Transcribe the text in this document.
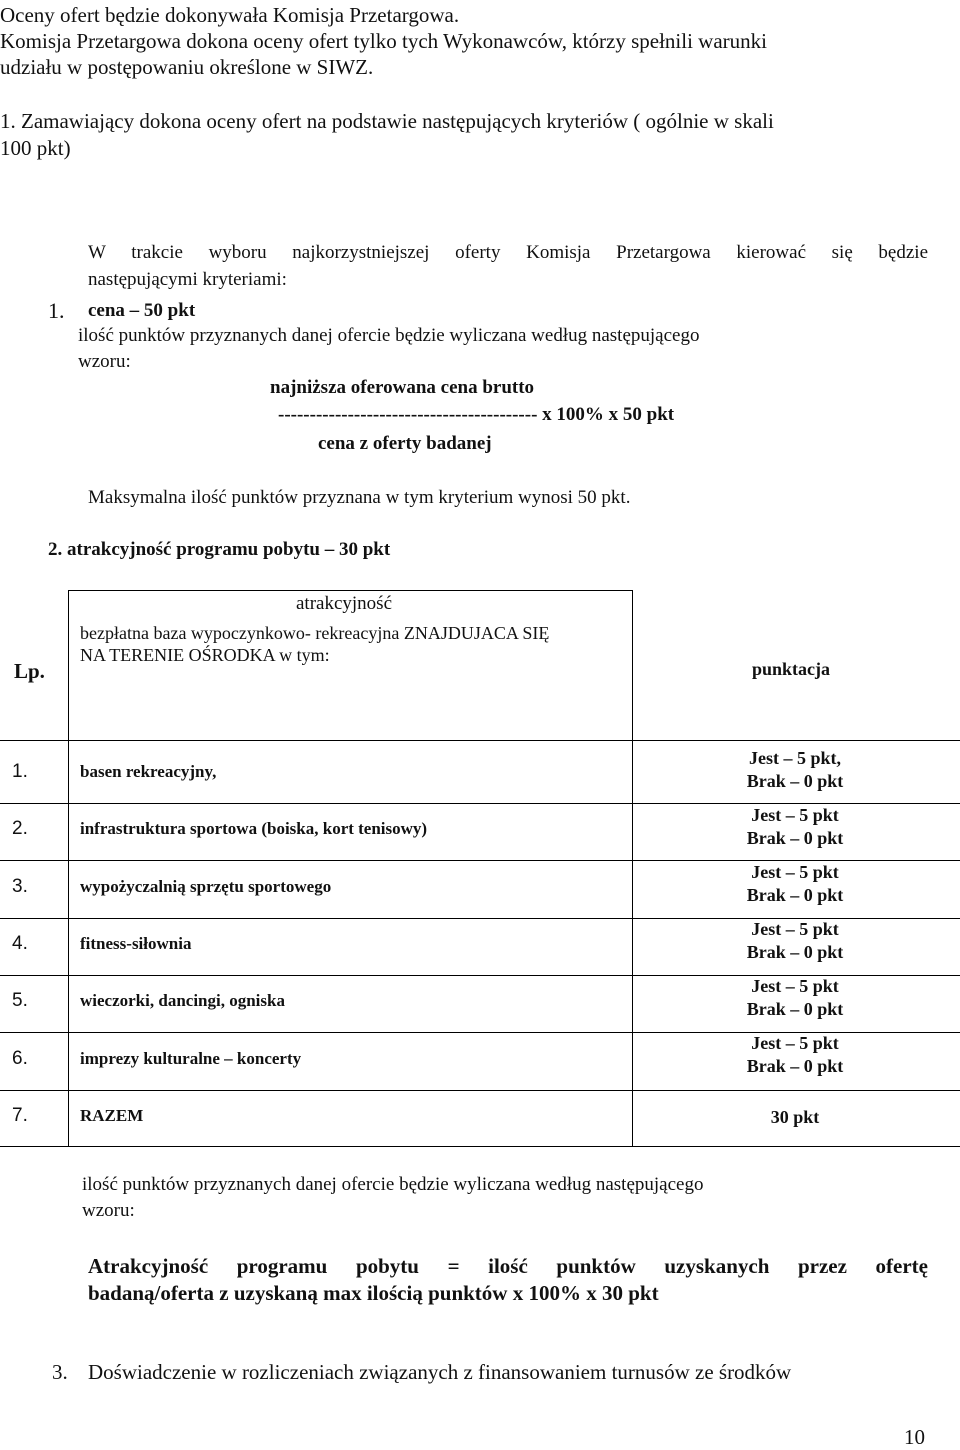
Oceny ofert będzie dokonywała Komisja Przetargowa.

Komisja Przetargowa dokona oceny ofert tylko tych Wykonawców, którzy spełnili warunki

udziału w postępowaniu określone w SIWZ.

1. Zamawiający dokona oceny ofert na podstawie następujących kryteriów ( ogólnie w skali

100 pkt)

W trakcie wyboru najkorzystniejszej oferty Komisja Przetargowa kierować się będzie

następującymi kryteriami:

1. cena – 50 pkt

ilość punktów przyznanych danej ofercie będzie wyliczana według następującego

wzoru:

najniższa oferowana cena brutto

----------------------------------------- x 100% x 50 pkt

cena z oferty badanej

Maksymalna ilość punktów przyznana w tym kryterium wynosi 50 pkt.

2. atrakcyjność programu pobytu – 30 pkt

Lp.

atrakcyjność

bezpłatna baza wypoczynkowo- rekreacyjna ZNAJDUJACA SIĘ

NA TERENIE OŚRODKA w tym:

punktacja

1.	basen rekreacyjny,
Jest – 5 pkt,
Brak – 0 pkt
2.	infrastruktura sportowa (boiska, kort tenisowy)
Jest – 5 pkt
Brak – 0 pkt
3.	wypożyczalnią sprzętu sportowego
Jest – 5 pkt
Brak – 0 pkt
4.	fitness-siłownia
Jest – 5 pkt
Brak – 0 pkt
5.	wieczorki, dancingi, ogniska
Jest – 5 pkt
Brak – 0 pkt
6.	imprezy kulturalne – koncerty
Jest – 5 pkt
Brak – 0 pkt
7.	RAZEM	30 pkt

ilość punktów przyznanych danej ofercie będzie wyliczana według następującego

wzoru:

Atrakcyjność programu pobytu = ilość punktów uzyskanych przez ofertę

badaną/oferta z uzyskaną max ilością punktów x 100% x 30 pkt

3. Doświadczenie w rozliczeniach związanych z finansowaniem turnusów ze środków

10
